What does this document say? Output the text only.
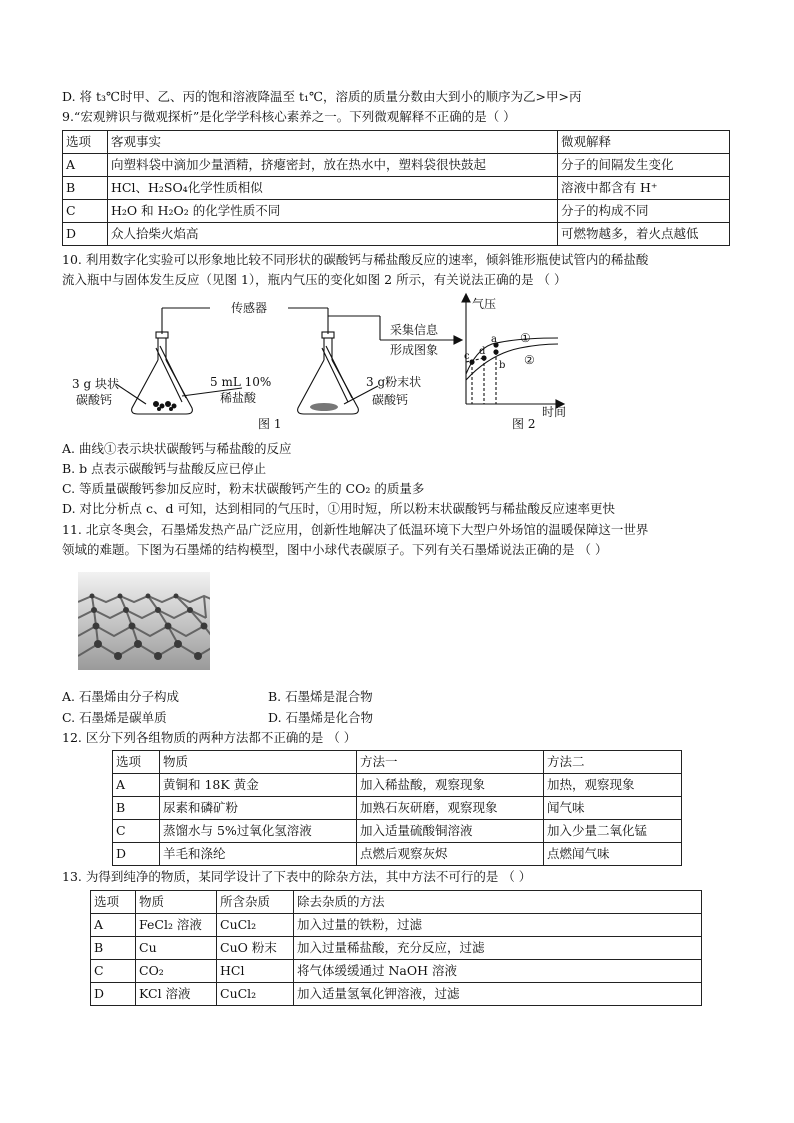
D. 将 t₃℃时甲、乙、丙的饱和溶液降温至 t₁℃，溶质的质量分数由大到小的顺序为乙>甲>丙
9.“宏观辨识与微观探析”是化学学科核心素养之一。下列微观解释不正确的是（ ）
选项	客观事实	微观解释
A	向塑料袋中滴加少量酒精，挤瘪密封，放在热水中，塑料袋很快鼓起	分子的间隔发生变化
B	HCl、H₂SO₄化学性质相似	溶液中都含有 H⁺
C	H₂O 和 H₂O₂ 的化学性质不同	分子的构成不同
D	众人拾柴火焰高	可燃物越多，着火点越低
10. 利用数字化实验可以形象地比较不同形状的碳酸钙与稀盐酸反应的速率，倾斜锥形瓶使试管内的稀盐酸
流入瓶中与固体发生反应（见图 1），瓶内气压的变化如图 2 所示，有关说法正确的是 （ ）
传感器
采集信息
形成图象
3 g 块状
碳酸钙
5 mL 10%
稀盐酸
3 g粉末状
碳酸钙
图 1	图 2
气压
时间
①
②
a
b
c d
A. 曲线①表示块状碳酸钙与稀盐酸的反应
B. b 点表示碳酸钙与盐酸反应已停止
C. 等质量碳酸钙参加反应时，粉末状碳酸钙产生的 CO₂ 的质量多
D. 对比分析点 c、d 可知，达到相同的气压时，①用时短，所以粉末状碳酸钙与稀盐酸反应速率更快
11. 北京冬奥会，石墨烯发热产品广泛应用，创新性地解决了低温环境下大型户外场馆的温暖保障这一世界
领域的难题。下图为石墨烯的结构模型，图中小球代表碳原子。下列有关石墨烯说法正确的是 （ ）
A. 石墨烯由分子构成	B. 石墨烯是混合物
C. 石墨烯是碳单质	D. 石墨烯是化合物
12. 区分下列各组物质的两种方法都不正确的是 （ ）
选项	物质	方法一	方法二
A	黄铜和 18K 黄金	加入稀盐酸，观察现象	加热，观察现象
B	尿素和磷矿粉	加熟石灰研磨，观察现象	闻气味
C	蒸馏水与 5%过氧化氢溶液	加入适量硫酸铜溶液	加入少量二氧化锰
D	羊毛和涤纶	点燃后观察灰烬	点燃闻气味
13. 为得到纯净的物质，某同学设计了下表中的除杂方法，其中方法不可行的是 （ ）
选项	物质	所含杂质	除去杂质的方法
A	FeCl₂ 溶液	CuCl₂	加入过量的铁粉，过滤
B	Cu	CuO 粉末	加入过量稀盐酸，充分反应，过滤
C	CO₂	HCl	将气体缓缓通过 NaOH 溶液
D	KCl 溶液	CuCl₂	加入适量氢氧化钾溶液，过滤
